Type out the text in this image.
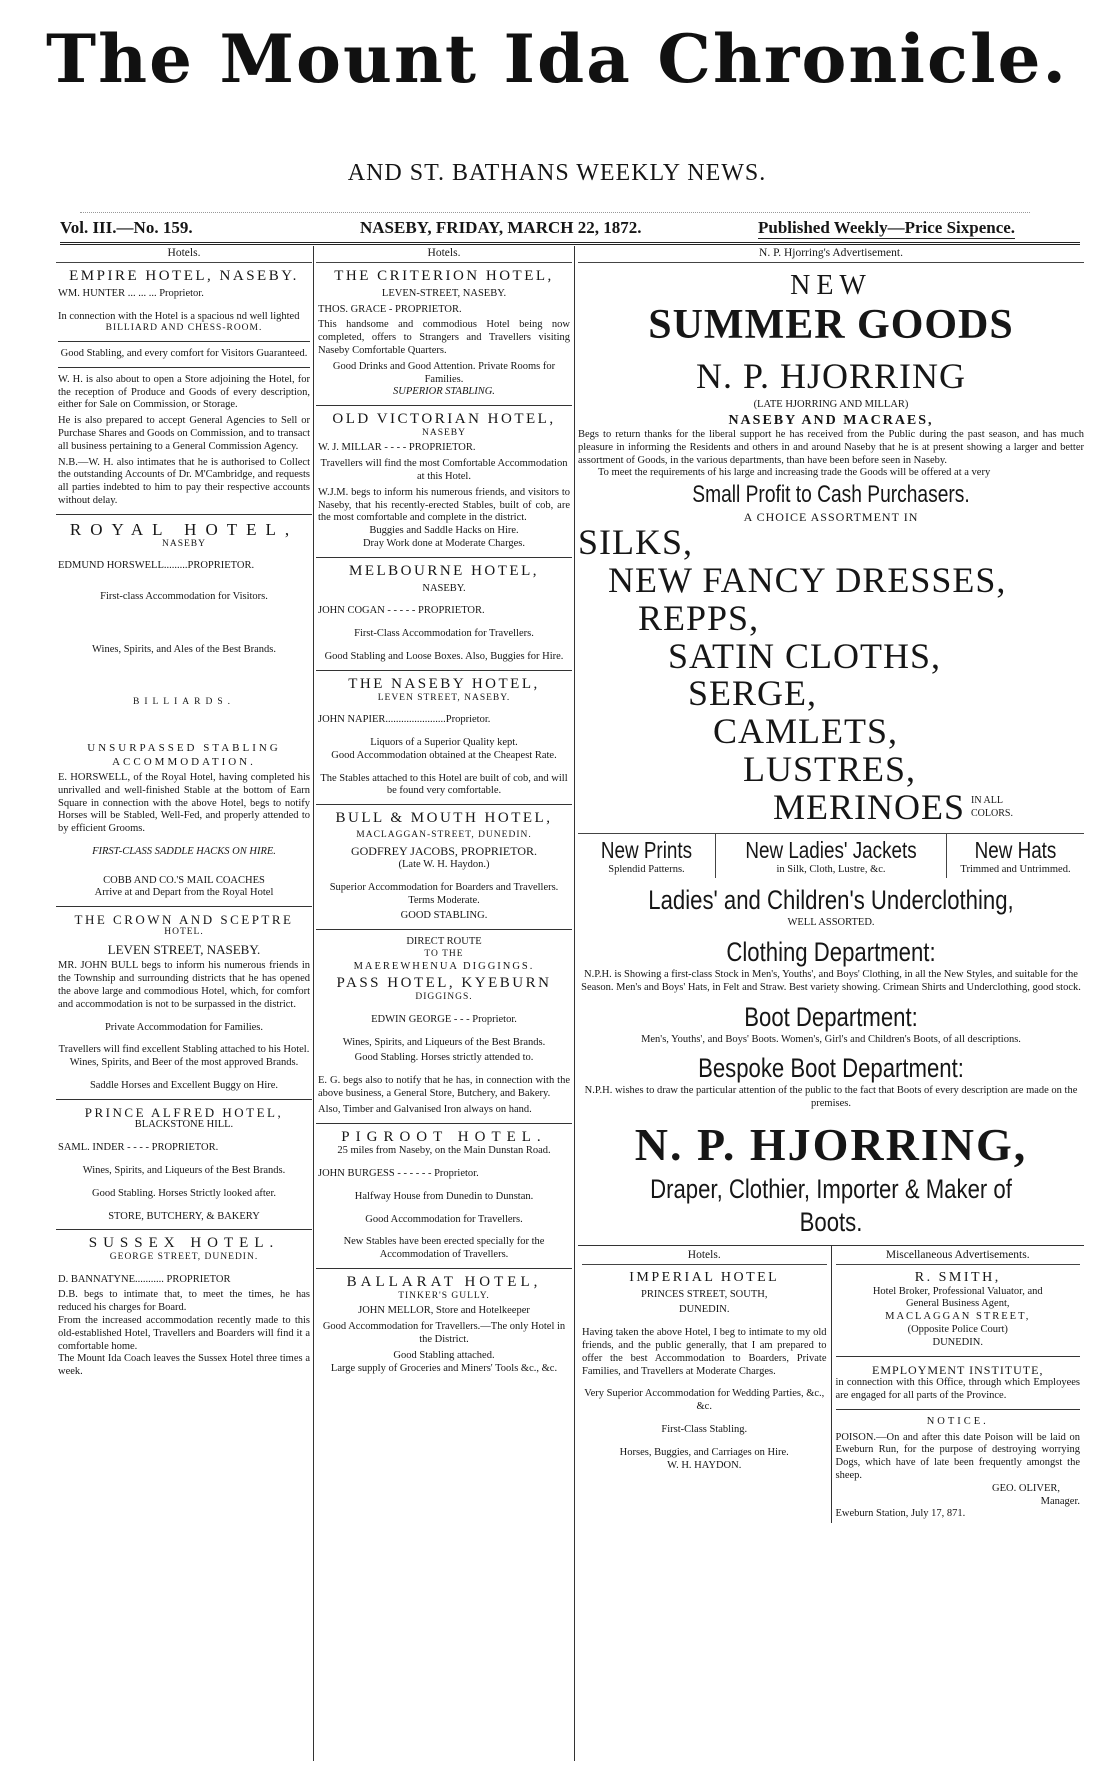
The Mount Ida Chronicle.
AND ST. BATHANS WEEKLY NEWS.
Vol. III.—No. 159.	NASEBY, FRIDAY, MARCH 22, 1872.	Published Weekly—Price Sixpence.
Hotels.
EMPIRE HOTEL, NASEBY.
WM. HUNTER ... ... ... Proprietor.
In connection with the Hotel is a spacious nd well lighted
BILLIARD AND CHESS-ROOM.
Good Stabling, and every comfort for Visitors Guaranteed.
W. H. is also about to open a Store adjoining the Hotel, for the reception of Produce and Goods of every description, either for Sale on Commission, or Storage.
He is also prepared to accept General Agencies to Sell or Purchase Shares and Goods on Commission, and to transact all business pertaining to a General Commission Agency.
N.B.—W. H. also intimates that he is authorised to Collect the outstanding Accounts of Dr. M'Cambridge, and requests all parties indebted to him to pay their respective accounts without delay.
ROYAL HOTEL,
NASEBY
EDMUND HORSWELL.........PROPRIETOR.
First-class Accommodation for Visitors.
Wines, Spirits, and Ales of the Best Brands.
BILLIARDS.
UNSURPASSED STABLING ACCOMMODATION.
E. HORSWELL, of the Royal Hotel, having completed his unrivalled and well-finished Stable at the bottom of Earn Square in connection with the above Hotel, begs to notify Horses will be Stabled, Well-Fed, and properly attended to by efficient Grooms.
FIRST-CLASS SADDLE HACKS ON HIRE.
COBB AND CO.'S MAIL COACHES
Arrive at and Depart from the Royal Hotel
THE CROWN AND SCEPTRE
HOTEL.
LEVEN STREET, NASEBY.
MR. JOHN BULL begs to inform his numerous friends in the Township and surrounding districts that he has opened the above large and commodious Hotel, which, for comfort and accommodation is not to be surpassed in the district.
Private Accommodation for Families.
Travellers will find excellent Stabling attached to his Hotel.
Wines, Spirits, and Beer of the most approved Brands.
Saddle Horses and Excellent Buggy on Hire.
PRINCE ALFRED HOTEL,
BLACKSTONE HILL.
SAML. INDER - - - - PROPRIETOR.
Wines, Spirits, and Liqueurs of the Best Brands.
Good Stabling. Horses Strictly looked after.
STORE, BUTCHERY, & BAKERY
SUSSEX HOTEL.
GEORGE STREET, DUNEDIN.
D. BANNATYNE........... PROPRIETOR
D.B. begs to intimate that, to meet the times, he has reduced his charges for Board.
From the increased accommodation recently made to this old-established Hotel, Travellers and Boarders will find it a comfortable home.
The Mount Ida Coach leaves the Sussex Hotel three times a week.
Hotels.
THE CRITERION HOTEL,
LEVEN-STREET, NASEBY.
THOS. GRACE - PROPRIETOR.
This handsome and commodious Hotel being now completed, offers to Strangers and Travellers visiting Naseby Comfortable Quarters.
Good Drinks and Good Attention. Private Rooms for Families.
SUPERIOR STABLING.
OLD VICTORIAN HOTEL,
NASEBY
W. J. MILLAR - - - - PROPRIETOR.
Travellers will find the most Comfortable Accommodation at this Hotel.
W.J.M. begs to inform his numerous friends, and visitors to Naseby, that his recently-erected Stables, built of cob, are the most comfortable and complete in the district.
Buggies and Saddle Hacks on Hire.
Dray Work done at Moderate Charges.
MELBOURNE HOTEL,
NASEBY.
JOHN COGAN - - - - - PROPRIETOR.
First-Class Accommodation for Travellers.
Good Stabling and Loose Boxes. Also, Buggies for Hire.
THE NASEBY HOTEL,
LEVEN STREET, NASEBY.
JOHN NAPIER.......................Proprietor.
Liquors of a Superior Quality kept.
Good Accommodation obtained at the Cheapest Rate.
The Stables attached to this Hotel are built of cob, and will be found very comfortable.
BULL & MOUTH HOTEL,
MACLAGGAN-STREET, DUNEDIN.
GODFREY JACOBS, PROPRIETOR.
(Late W. H. Haydon.)
Superior Accommodation for Boarders and Travellers. Terms Moderate.
GOOD STABLING.
DIRECT ROUTE
TO THE
MAEREWHENUA DIGGINGS.
PASS HOTEL, KYEBURN
DIGGINGS.
EDWIN GEORGE - - - Proprietor.
Wines, Spirits, and Liqueurs of the Best Brands.
Good Stabling. Horses strictly attended to.
E. G. begs also to notify that he has, in connection with the above business, a General Store, Butchery, and Bakery.
Also, Timber and Galvanised Iron always on hand.
PIGROOT HOTEL.
25 miles from Naseby, on the Main Dunstan Road.
JOHN BURGESS - - - - - - Proprietor.
Halfway House from Dunedin to Dunstan.
Good Accommodation for Travellers.
New Stables have been erected specially for the Accommodation of Travellers.
BALLARAT HOTEL,
TINKER'S GULLY.
JOHN MELLOR, Store and Hotelkeeper
Good Accommodation for Travellers.—The only Hotel in the District.
Good Stabling attached.
Large supply of Groceries and Miners' Tools &c., &c.
N. P. Hjorring's Advertisement.
NEW
SUMMER GOODS
N. P. HJORRING
(LATE HJORRING AND MILLAR)
NASEBY AND MACRAES,
Begs to return thanks for the liberal support he has received from the Public during the past season, and has much pleasure in informing the Residents and others in and around Naseby that he is at present showing a larger and better assortment of Goods, in the various departments, than have been before seen in Naseby.
To meet the requirements of his large and increasing trade the Goods will be offered at a very
Small Profit to Cash Purchasers.
A CHOICE ASSORTMENT IN
SILKS,
NEW FANCY DRESSES,
REPPS,
SATIN CLOTHS,
SERGE,
CAMLETS,
LUSTRES,
MERINOES IN ALL COLORS.
New Prints
Splendid Patterns.
New Ladies' Jackets
in Silk, Cloth, Lustre, &c.
New Hats
Trimmed and Untrimmed.
Ladies' and Children's Underclothing,
WELL ASSORTED.
Clothing Department:
N.P.H. is Showing a first-class Stock in Men's, Youths', and Boys' Clothing, in all the New Styles, and suitable for the Season. Men's and Boys' Hats, in Felt and Straw. Best variety showing. Crimean Shirts and Underclothing, good stock.
Boot Department:
Men's, Youths', and Boys' Boots. Women's, Girl's and Children's Boots, of all descriptions.
Bespoke Boot Department:
N.P.H. wishes to draw the particular attention of the public to the fact that Boots of every description are made on the premises.
N. P. HJORRING,
Draper, Clothier, Importer & Maker of Boots.
Hotels.
IMPERIAL HOTEL
PRINCES STREET, SOUTH,
DUNEDIN.
Having taken the above Hotel, I beg to intimate to my old friends, and the public generally, that I am prepared to offer the best Accommodation to Boarders, Private Families, and Travellers at Moderate Charges.
Very Superior Accommodation for Wedding Parties, &c., &c.
First-Class Stabling.
Horses, Buggies, and Carriages on Hire.
W. H. HAYDON.
Miscellaneous Advertisements.
R. SMITH,
Hotel Broker, Professional Valuator, and
General Business Agent,
MACLAGGAN STREET,
(Opposite Police Court)
DUNEDIN.
EMPLOYMENT INSTITUTE,
in connection with this Office, through which Employees are engaged for all parts of the Province.
NOTICE.
POISON.—On and after this date Poison will be laid on Eweburn Run, for the purpose of destroying worrying Dogs, which have of late been frequently amongst the sheep.
GEO. OLIVER,
Manager.
Eweburn Station, July 17, 871.
